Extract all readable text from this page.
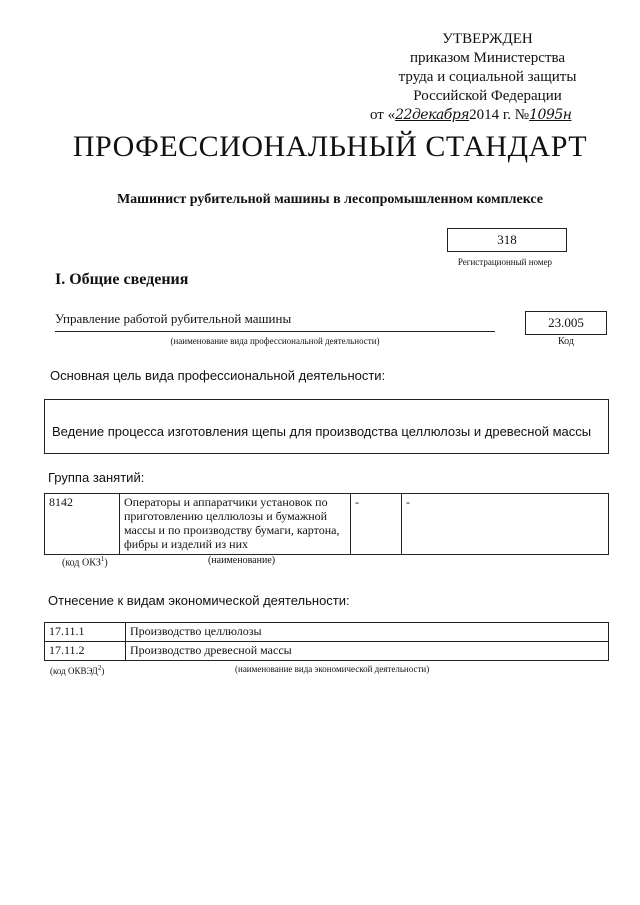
УТВЕРЖДЕН
приказом Министерства
труда и социальной защиты
Российской Федерации
от «22декабря2014 г. №1095н
ПРОФЕССИОНАЛЬНЫЙ СТАНДАРТ
Машинист рубительной машины в лесопромышленном комплексе
318
Регистрационный номер
I. Общие сведения
Управление работой рубительной машины
(наименование вида профессиональной деятельности)
23.005
Код
Основная цель вида профессиональной деятельности:
Ведение процесса изготовления щепы для производства целлюлозы и древесной массы
Группа занятий:
8142	Операторы и аппаратчики установок по приготовлению целлюлозы и бумажной массы и по производству бумаги, картона, фибры и изделий из них	-	-
(код ОКЗ$^1$)	(наименование)
Отнесение к видам экономической деятельности:
17.11.1	Производство целлюлозы
17.11.2	Производство древесной массы
(код ОКВЭД$^2$)	(наименование вида экономической деятельности)
